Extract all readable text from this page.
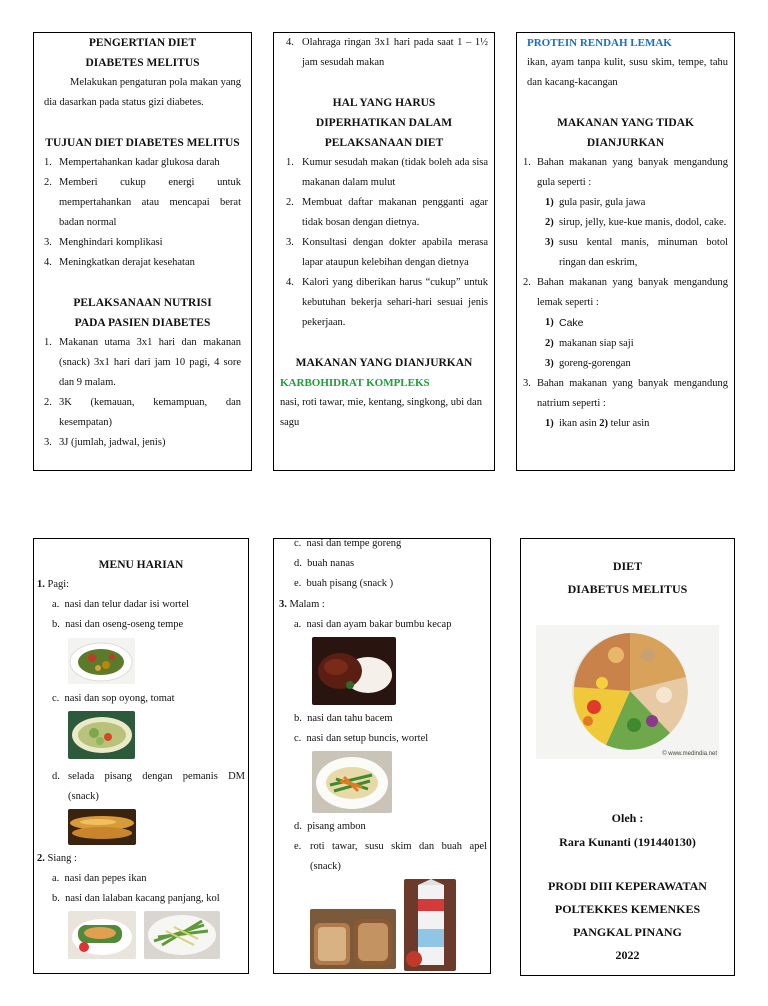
PENGERTIAN DIET DIABETES MELITUS
Melakukan pengaturan pola makan yang dia dasarkan pada status gizi diabetes.
TUJUAN DIET DIABETES MELITUS
1. Mempertahankan kadar glukosa darah
2. Memberi cukup energi untuk mempertahankan atau mencapai berat badan normal
3. Menghindari komplikasi
4. Meningkatkan derajat kesehatan
PELAKSANAAN NUTRISI PADA PASIEN DIABETES
1. Makanan utama 3x1 hari dan makanan (snack) 3x1 hari dari jam 10 pagi, 4 sore dan 9 malam.
2. 3K (kemauan, kemampuan, dan kesempatan)
3. 3J (jumlah, jadwal, jenis)
4. Olahraga ringan 3x1 hari pada saat 1 – 1½ jam sesudah makan
HAL YANG HARUS DIPERHATIKAN DALAM PELAKSANAAN DIET
1. Kumur sesudah makan (tidak boleh ada sisa makanan dalam mulut
2. Membuat daftar makanan pengganti agar tidak bosan dengan dietnya.
3. Konsultasi dengan dokter apabila merasa lapar ataupun kelebihan dengan dietnya
4. Kalori yang diberikan harus “cukup” untuk kebutuhan bekerja sehari-hari sesuai jenis pekerjaan.
MAKANAN YANG DIANJURKAN
KARBOHIDRAT KOMPLEKS
nasi, roti tawar, mie, kentang, singkong, ubi dan sagu
PROTEIN RENDAH LEMAK
ikan, ayam tanpa kulit, susu skim, tempe, tahu dan kacang-kacangan
MAKANAN YANG TIDAK DIANJURKAN
1. Bahan makanan yang banyak mengandung gula seperti :
1) gula pasir, gula jawa
2) sirup, jelly, kue-kue manis, dodol, cake.
3) susu kental manis, minuman botol ringan dan eskrim,
2. Bahan makanan yang banyak mengandung lemak seperti :
1) Cake
2) makanan siap saji
3) goreng-gorengan
3. Bahan makanan yang banyak mengandung natrium seperti :
1) ikan asin 2) telur asin
MENU HARIAN
1. Pagi:
a. nasi dan telur dadar isi wortel
b. nasi dan oseng-oseng tempe
c. nasi dan sop oyong, tomat
d. selada pisang dengan pemanis DM (snack)
2. Siang :
a. nasi dan pepes ikan
b. nasi dan lalaban kacang panjang, kol
c. nasi dan tempe goreng
d. buah nanas
e. buah pisang (snack )
3. Malam :
a. nasi dan ayam bakar bumbu kecap
b. nasi dan tahu bacem
c. nasi dan setup buncis, wortel
d. pisang ambon
e. roti tawar, susu skim dan buah apel (snack)
DIET
DIABETUS MELITUS
© www.medindia.net
Oleh :
Rara Kunanti (191440130)
PRODI DIII KEPERAWATAN
POLTEKKES KEMENKES
PANGKAL PINANG
2022
